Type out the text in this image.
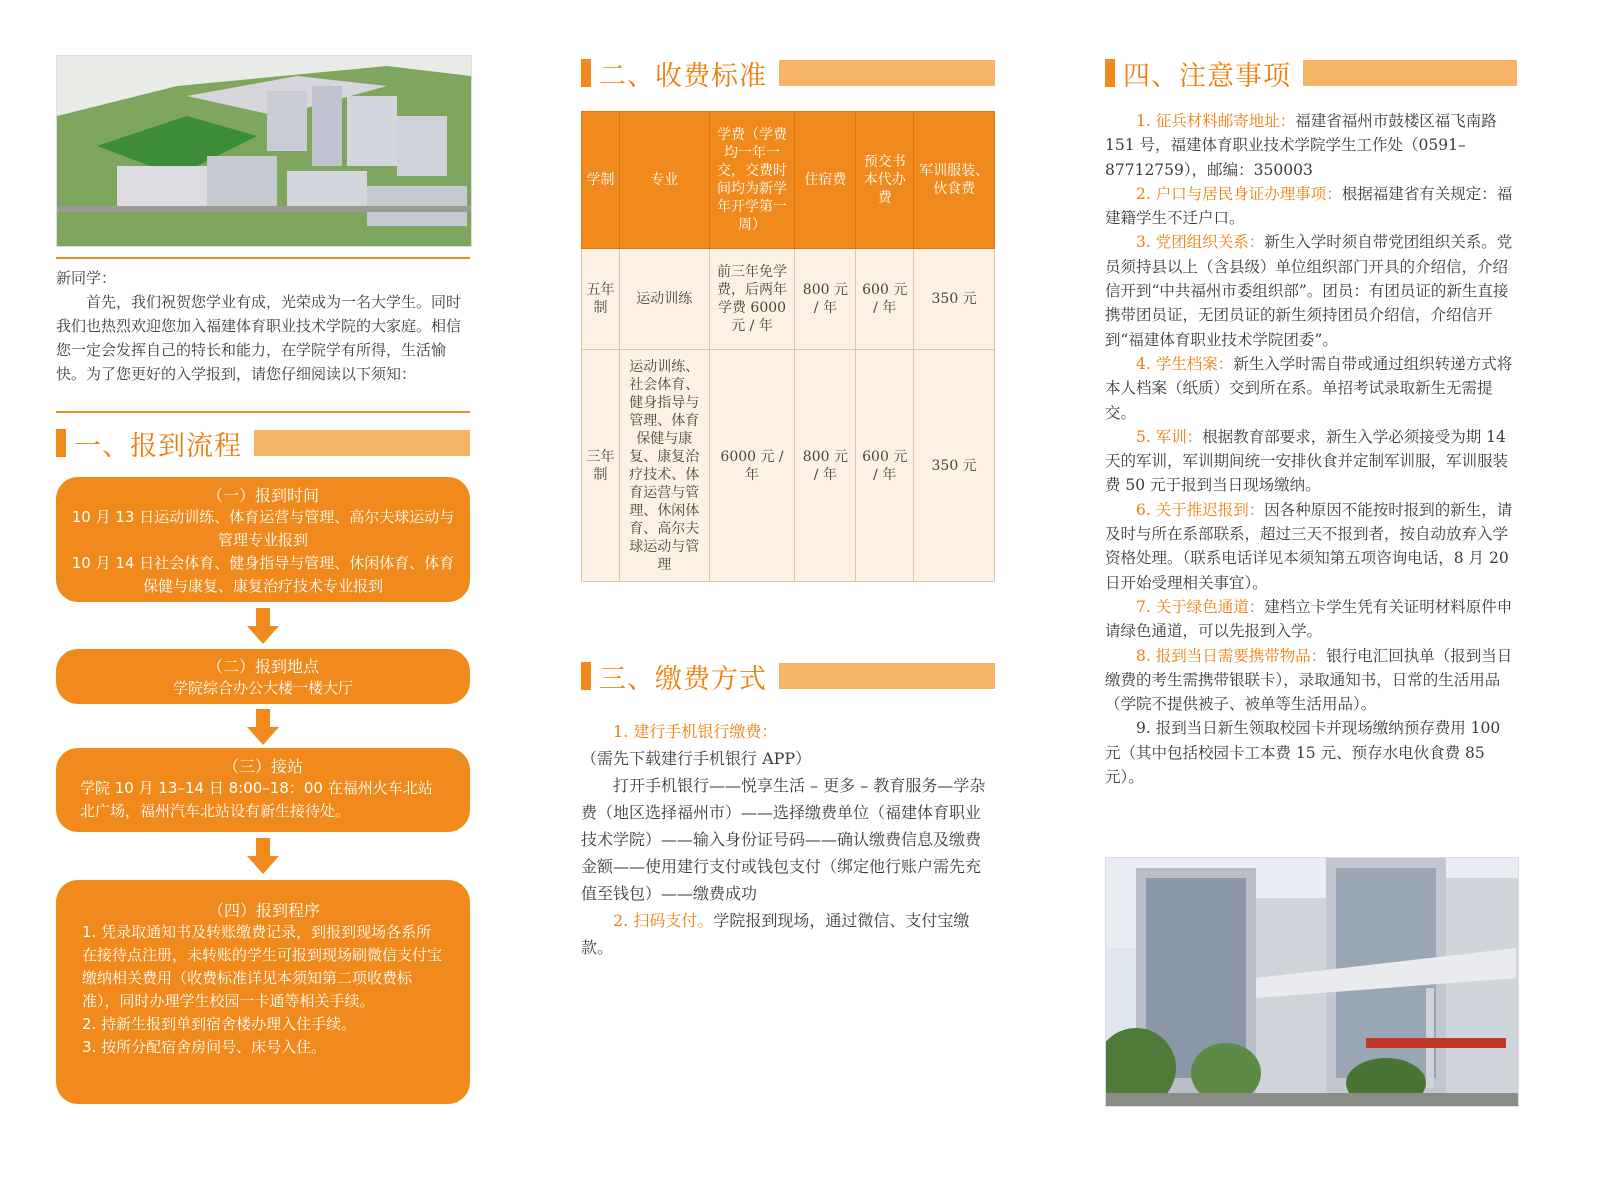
新同学：

首先，我们祝贺您学业有成，光荣成为一名大学生。同时我们也热烈欢迎您加入福建体育职业技术学院的大家庭。相信您一定会发挥自己的特长和能力，在学院学有所得，生活愉快。为了您更好的入学报到，请您仔细阅读以下须知：

一、报到流程
（一）报到时间
10 月 13 日运动训练、体育运营与管理、高尔夫球运动与管理专业报到
10 月 14 日社会体育、健身指导与管理、休闲体育、体育保健与康复、康复治疗技术专业报到
（二）报到地点
学院综合办公大楼一楼大厅
（三）接站
学院 10 月 13–14 日 8:00–18：00 在福州火车北站北广场，福州汽车北站设有新生接待处。
（四）报到程序
1. 凭录取通知书及转账缴费记录，到报到现场各系所在接待点注册，未转账的学生可报到现场刷微信支付宝缴纳相关费用（收费标准详见本须知第二项收费标准），同时办理学生校园一卡通等相关手续。
2. 持新生报到单到宿舍楼办理入住手续。
3. 按所分配宿舍房间号、床号入住。
二、收费标准
学制	专业	学费（学费均一年一交，交费时间均为新学年开学第一周）	住宿费	预交书本代办费	军训服装、伙食费
五年制	运动训练	前三年免学费，后两年学费 6000 元 / 年	800 元 / 年	600 元 / 年	350 元
三年制	运动训练、社会体育、健身指导与管理、体育保健与康复、康复治疗技术、体育运营与管理、休闲体育、高尔夫球运动与管理	6000 元 / 年	800 元 / 年	600 元 / 年	350 元
三、缴费方式

1. 建行手机银行缴费：（需先下载建行手机银行 APP）

打开手机银行——悦享生活 – 更多 – 教育服务—学杂费（地区选择福州市）——选择缴费单位（福建体育职业技术学院）——输入身份证号码——确认缴费信息及缴费金额——使用建行支付或钱包支付（绑定他行账户需先充值至钱包）——缴费成功

2. 扫码支付。学院报到现场，通过微信、支付宝缴款。

四、注意事项

1. 征兵材料邮寄地址：福建省福州市鼓楼区福飞南路 151 号，福建体育职业技术学院学生工作处（0591–87712759），邮编：350003

2. 户口与居民身证办理事项：根据福建省有关规定：福建籍学生不迁户口。

3. 党团组织关系：新生入学时须自带党团组织关系。党员须持县以上（含县级）单位组织部门开具的介绍信，介绍信开到“中共福州市委组织部”。团员：有团员证的新生直接携带团员证，无团员证的新生须持团员介绍信，介绍信开到“福建体育职业技术学院团委”。

4. 学生档案：新生入学时需自带或通过组织转递方式将本人档案（纸质）交到所在系。单招考试录取新生无需提交。

5. 军训：根据教育部要求，新生入学必须接受为期 14 天的军训，军训期间统一安排伙食并定制军训服，军训服装费 50 元于报到当日现场缴纳。

6. 关于推迟报到：因各种原因不能按时报到的新生，请及时与所在系部联系，超过三天不报到者，按自动放弃入学资格处理。（联系电话详见本须知第五项咨询电话，8 月 20 日开始受理相关事宜）。

7. 关于绿色通道：建档立卡学生凭有关证明材料原件申请绿色通道，可以先报到入学。

8. 报到当日需要携带物品：银行电汇回执单（报到当日缴费的考生需携带银联卡），录取通知书，日常的生活用品（学院不提供被子、被单等生活用品）。

9. 报到当日新生领取校园卡并现场缴纳预存费用 100 元（其中包括校园卡工本费 15 元、预存水电伙食费 85 元）。
